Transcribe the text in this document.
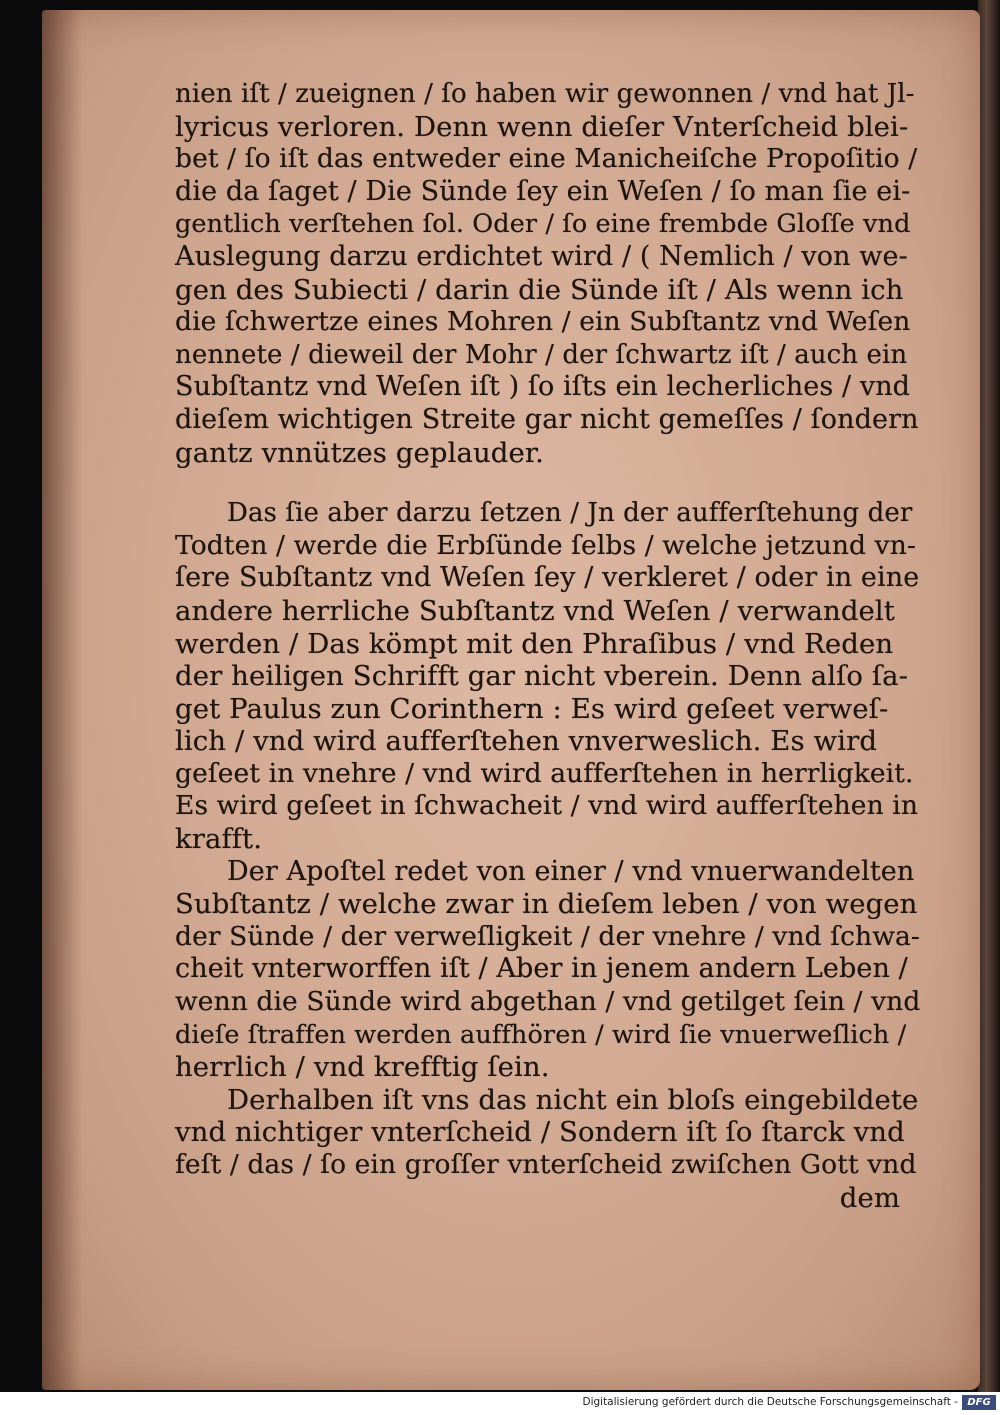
nien iſt / zueignen / ſo haben wir gewonnen / vnd hat Jl-
lyricus verloren. Denn wenn dieſer Vnterſcheid blei-
bet / ſo iſt das entweder eine Manicheiſche Propoſitio /
die da ſaget / Die Sünde ſey ein Weſen / ſo man ſie ei-
gentlich verſtehen ſol. Oder / ſo eine frembde Gloſſe vnd
Auslegung darzu erdichtet wird / ( Nemlich / von we-
gen des Subiecti / darin die Sünde iſt / Als wenn ich
die ſchwertze eines Mohren / ein Subſtantz vnd Weſen
nennete / dieweil der Mohr / der ſchwartz iſt / auch ein
Subſtantz vnd Weſen iſt ) ſo iſts ein lecherliches / vnd
dieſem wichtigen Streite gar nicht gemeſſes / ſondern
gantz vnnützes geplauder.
Das ſie aber darzu ſetzen / Jn der aufferſtehung der
Todten / werde die Erbſünde ſelbs / welche jetzund vn-
ſere Subſtantz vnd Weſen ſey / verkleret / oder in eine
andere herrliche Subſtantz vnd Weſen / verwandelt
werden / Das kömpt mit den Phraſibus / vnd Reden
der heiligen Schrifft gar nicht vberein. Denn alſo ſa-
get Paulus zun Corinthern : Es wird geſeet verweſ-
lich / vnd wird aufferſtehen vnverweslich. Es wird
geſeet in vnehre / vnd wird aufferſtehen in herrligkeit.
Es wird geſeet in ſchwacheit / vnd wird aufferſtehen in
krafft.
Der Apoſtel redet von einer / vnd vnuerwandelten
Subſtantz / welche zwar in dieſem leben / von wegen
der Sünde / der verweſligkeit / der vnehre / vnd ſchwa-
cheit vnterworffen iſt / Aber in jenem andern Leben /
wenn die Sünde wird abgethan / vnd getilget ſein / vnd
dieſe ſtraffen werden auffhören / wird ſie vnuerweſlich /
herrlich / vnd krefftig ſein.
Derhalben iſt vns das nicht ein bloſs eingebildete
vnd nichtiger vnterſcheid / Sondern iſt ſo ſtarck vnd
feſt / das / ſo ein groſſer vnterſcheid zwiſchen Gott vnd
dem
Digitalisierung gefördert durch die Deutsche Forschungsgemeinschaft - DFG
